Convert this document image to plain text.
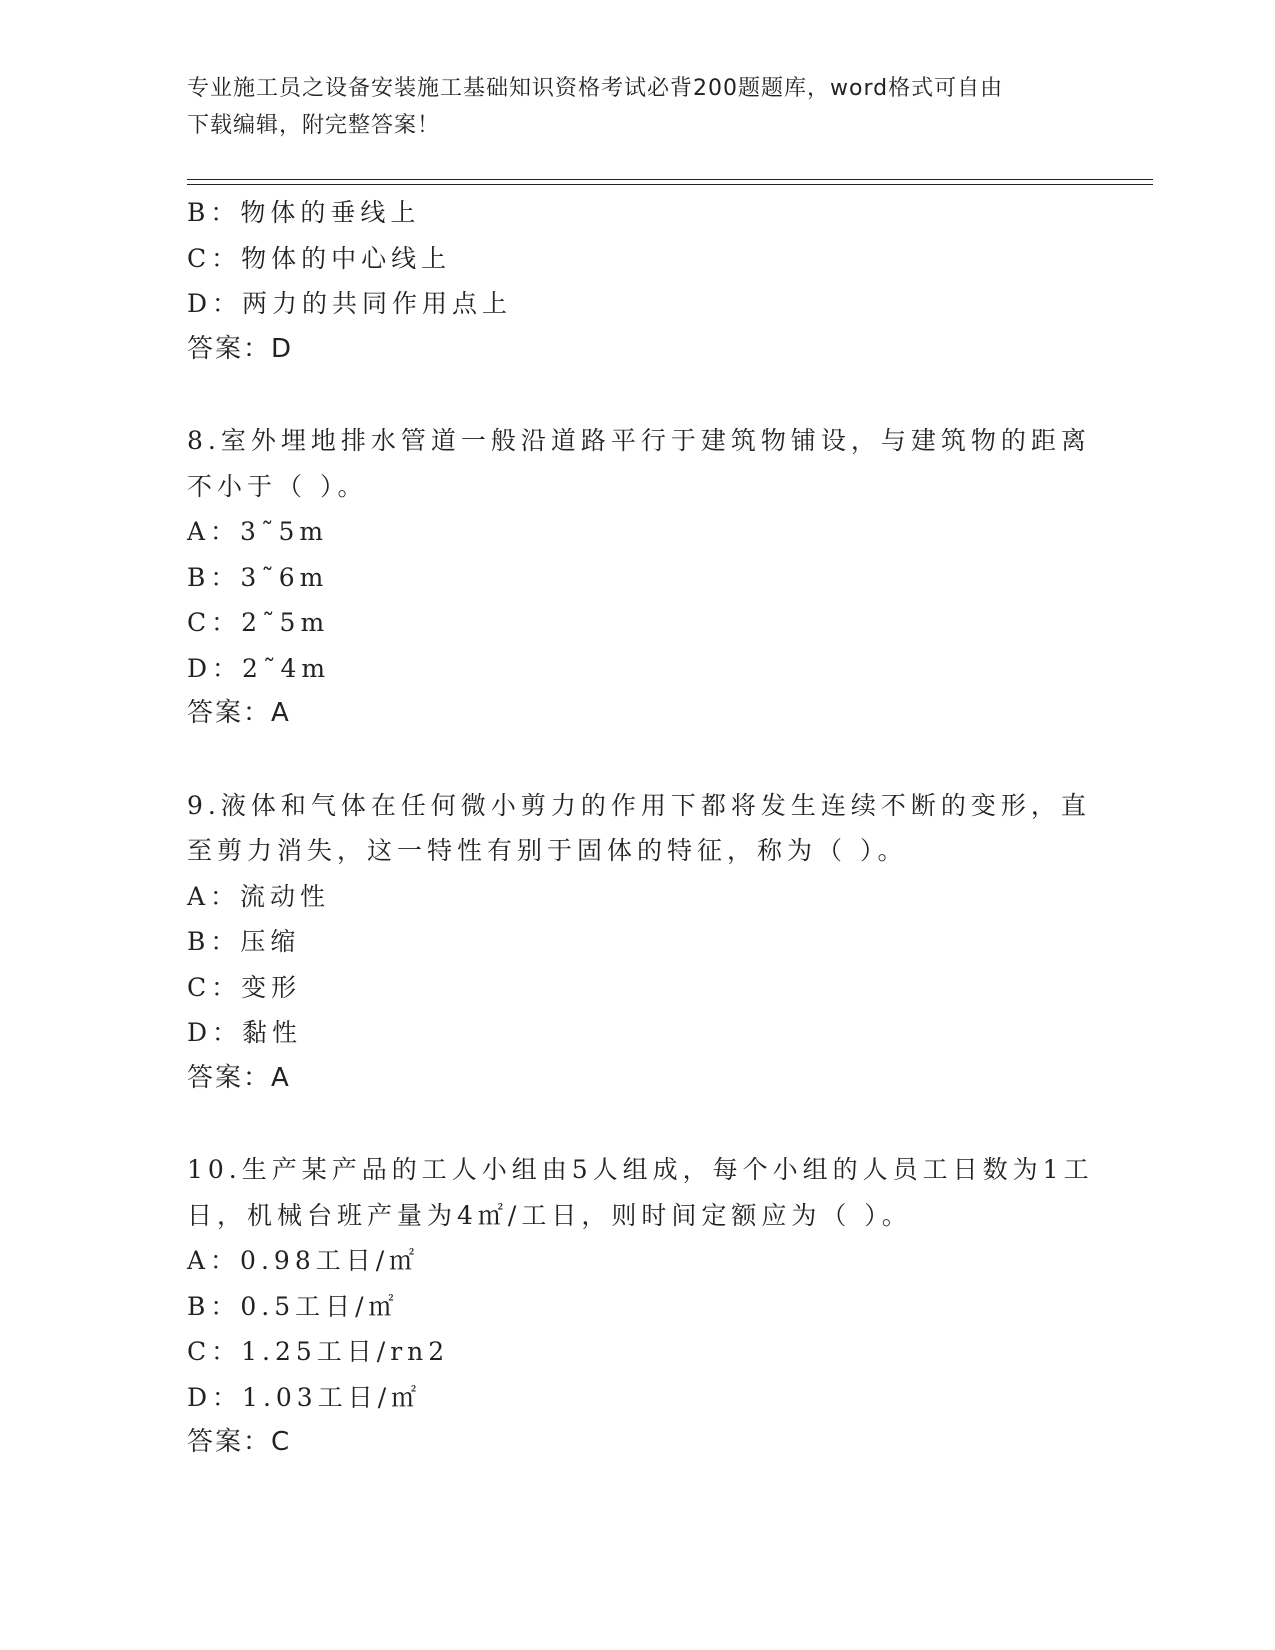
专业施工员之设备安装施工基础知识资格考试必背200题题库，word格式可自由
下载编辑，附完整答案！
B：物体的垂线上
C：物体的中心线上
D：两力的共同作用点上
答案：D
8.室外埋地排水管道一般沿道路平行于建筑物铺设，与建筑物的距离
不小于（ ）。
A：3˜5m
B：3˜6m
C：2˜5m
D：2˜4m
答案：A
9.液体和气体在任何微小剪力的作用下都将发生连续不断的变形，直
至剪力消失，这一特性有别于固体的特征，称为（ ）。
A：流动性
B：压缩
C：变形
D：黏性
答案：A
10.生产某产品的工人小组由5人组成，每个小组的人员工日数为1工
日，机械台班产量为4㎡/工日，则时间定额应为（ ）。
A：0.98工日/㎡
B：0.5工日/㎡
C：1.25工日/rn2
D：1.03工日/㎡
答案：C
